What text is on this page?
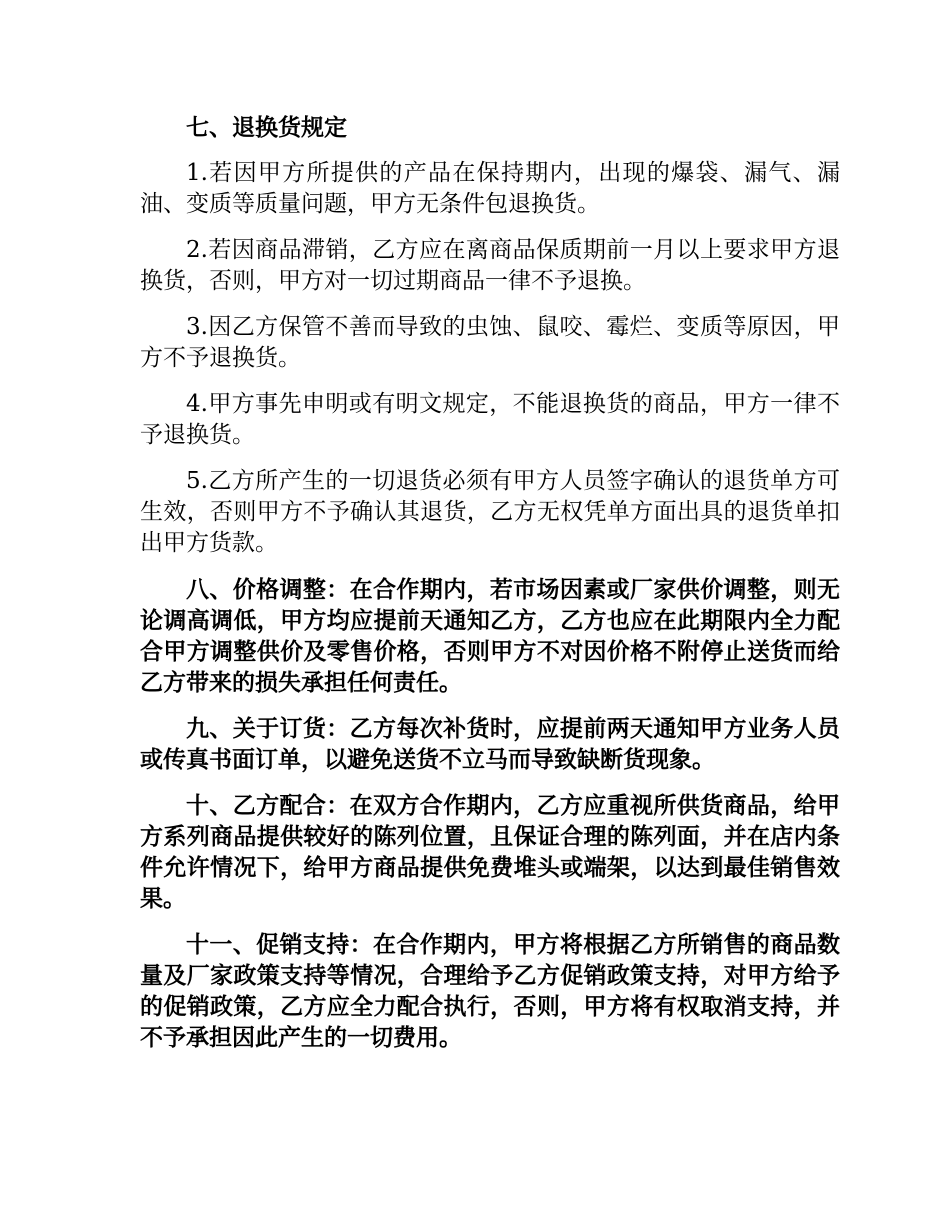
七、退换货规定

1.若因甲方所提供的产品在保持期内，出现的爆袋、漏气、漏油、变质等质量问题，甲方无条件包退换货。

2.若因商品滞销，乙方应在离商品保质期前一月以上要求甲方退换货，否则，甲方对一切过期商品一律不予退换。

3.因乙方保管不善而导致的虫蚀、鼠咬、霉烂、变质等原因，甲方不予退换货。

4.甲方事先申明或有明文规定，不能退换货的商品，甲方一律不予退换货。

5.乙方所产生的一切退货必须有甲方人员签字确认的退货单方可生效，否则甲方不予确认其退货，乙方无权凭单方面出具的退货单扣出甲方货款。

八、价格调整：在合作期内，若市场因素或厂家供价调整，则无论调高调低，甲方均应提前天通知乙方，乙方也应在此期限内全力配合甲方调整供价及零售价格，否则甲方不对因价格不附停止送货而给乙方带来的损失承担任何责任。

九、关于订货：乙方每次补货时，应提前两天通知甲方业务人员或传真书面订单，以避免送货不立马而导致缺断货现象。

十、乙方配合：在双方合作期内，乙方应重视所供货商品，给甲方系列商品提供较好的陈列位置，且保证合理的陈列面，并在店内条件允许情况下，给甲方商品提供免费堆头或端架，以达到最佳销售效果。

十一、促销支持：在合作期内，甲方将根据乙方所销售的商品数量及厂家政策支持等情况，合理给予乙方促销政策支持，对甲方给予的促销政策，乙方应全力配合执行，否则，甲方将有权取消支持，并不予承担因此产生的一切费用。
